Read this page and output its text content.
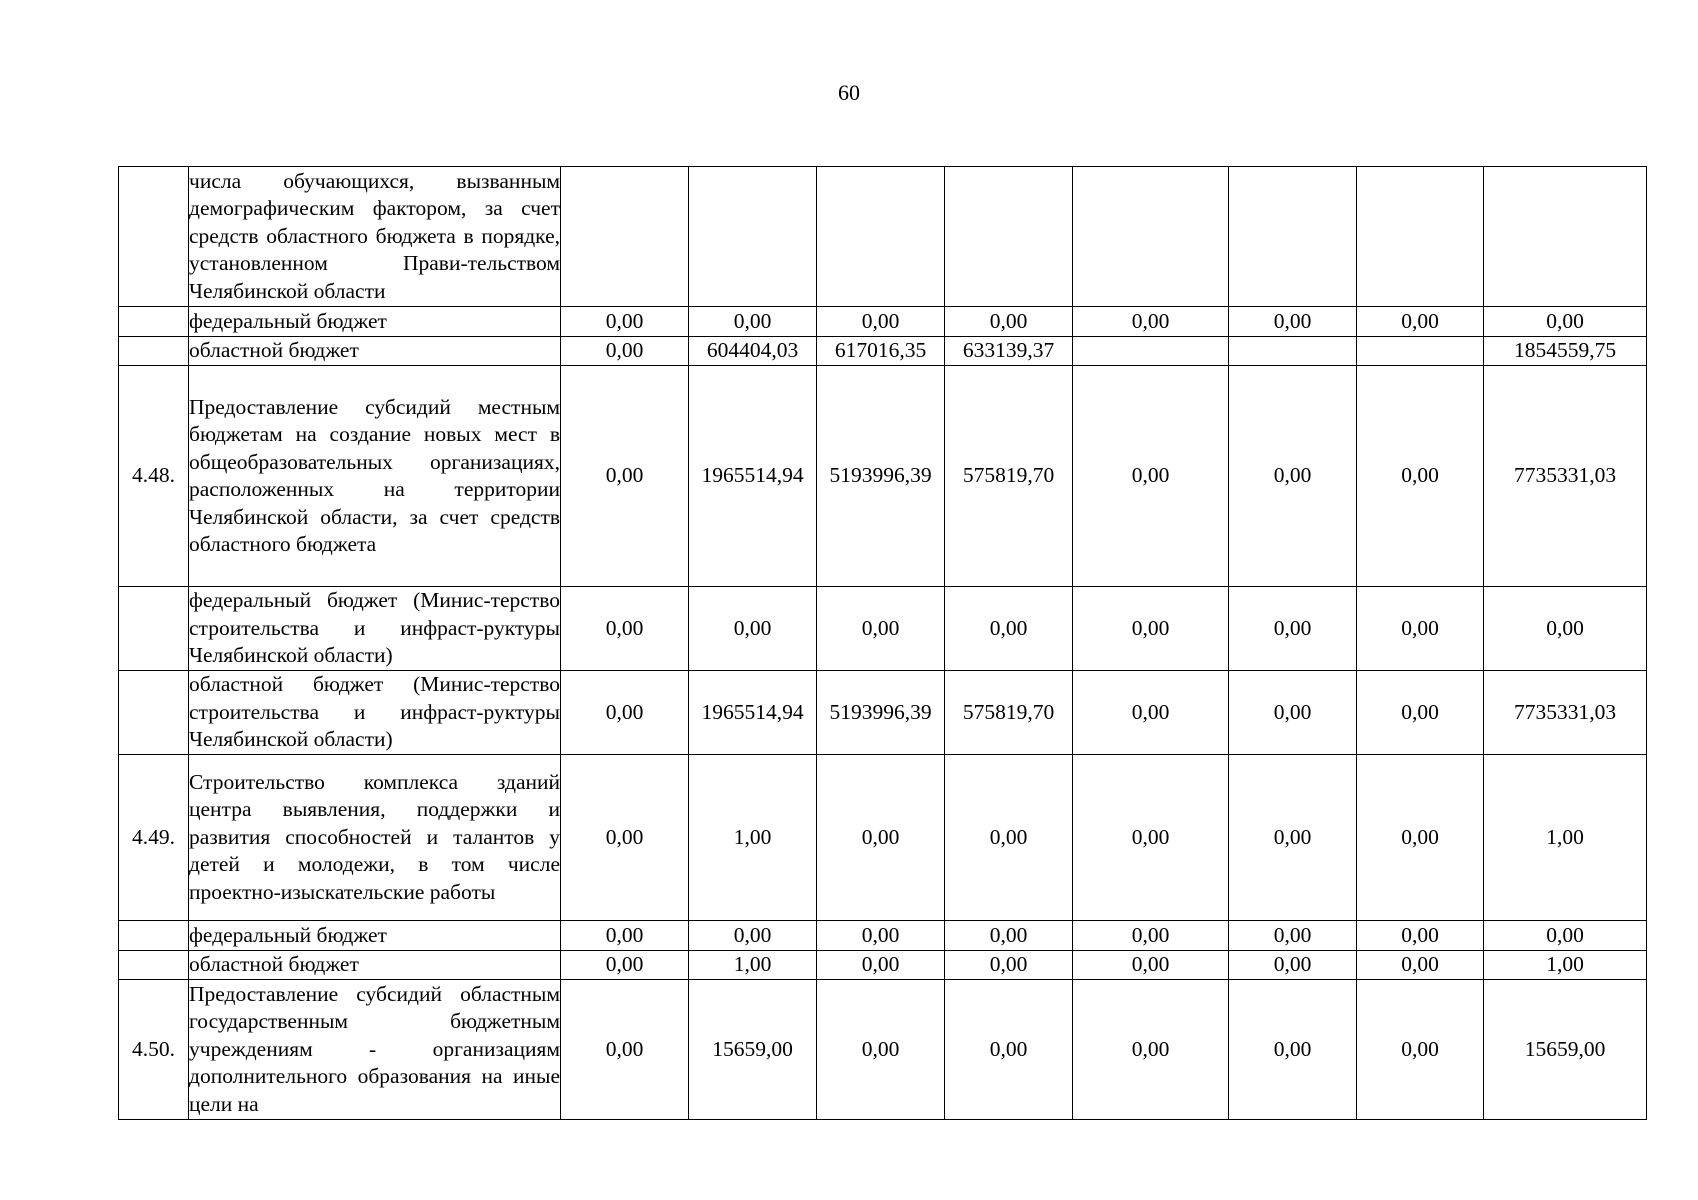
60
	числа обучающихся, вызванным демографическим фактором, за счет средств областного бюджета в порядке, установленном Прави-тельством Челябинской области								
	федеральный бюджет	0,00	0,00	0,00	0,00	0,00	0,00	0,00	0,00
	областной бюджет	0,00	604404,03	617016,35	633139,37				1854559,75
4.48.	Предоставление субсидий местным бюджетам на создание новых мест в общеобразовательных организациях, расположенных на территории Челябинской области, за счет средств областного бюджета	0,00	1965514,94	5193996,39	575819,70	0,00	0,00	0,00	7735331,03
	федеральный бюджет (Минис-терство строительства и инфраст-руктуры Челябинской области)	0,00	0,00	0,00	0,00	0,00	0,00	0,00	0,00
	областной бюджет (Минис-терство строительства и инфраст-руктуры Челябинской области)	0,00	1965514,94	5193996,39	575819,70	0,00	0,00	0,00	7735331,03
4.49.	Строительство комплекса зданий центра выявления, поддержки и развития способностей и талантов у детей и молодежи, в том числе проектно-изыскательские работы	0,00	1,00	0,00	0,00	0,00	0,00	0,00	1,00
	федеральный бюджет	0,00	0,00	0,00	0,00	0,00	0,00	0,00	0,00
	областной бюджет	0,00	1,00	0,00	0,00	0,00	0,00	0,00	1,00
4.50.	Предоставление субсидий областным государственным бюджетным учреждениям - организациям дополнительного образования на иные цели на	0,00	15659,00	0,00	0,00	0,00	0,00	0,00	15659,00
